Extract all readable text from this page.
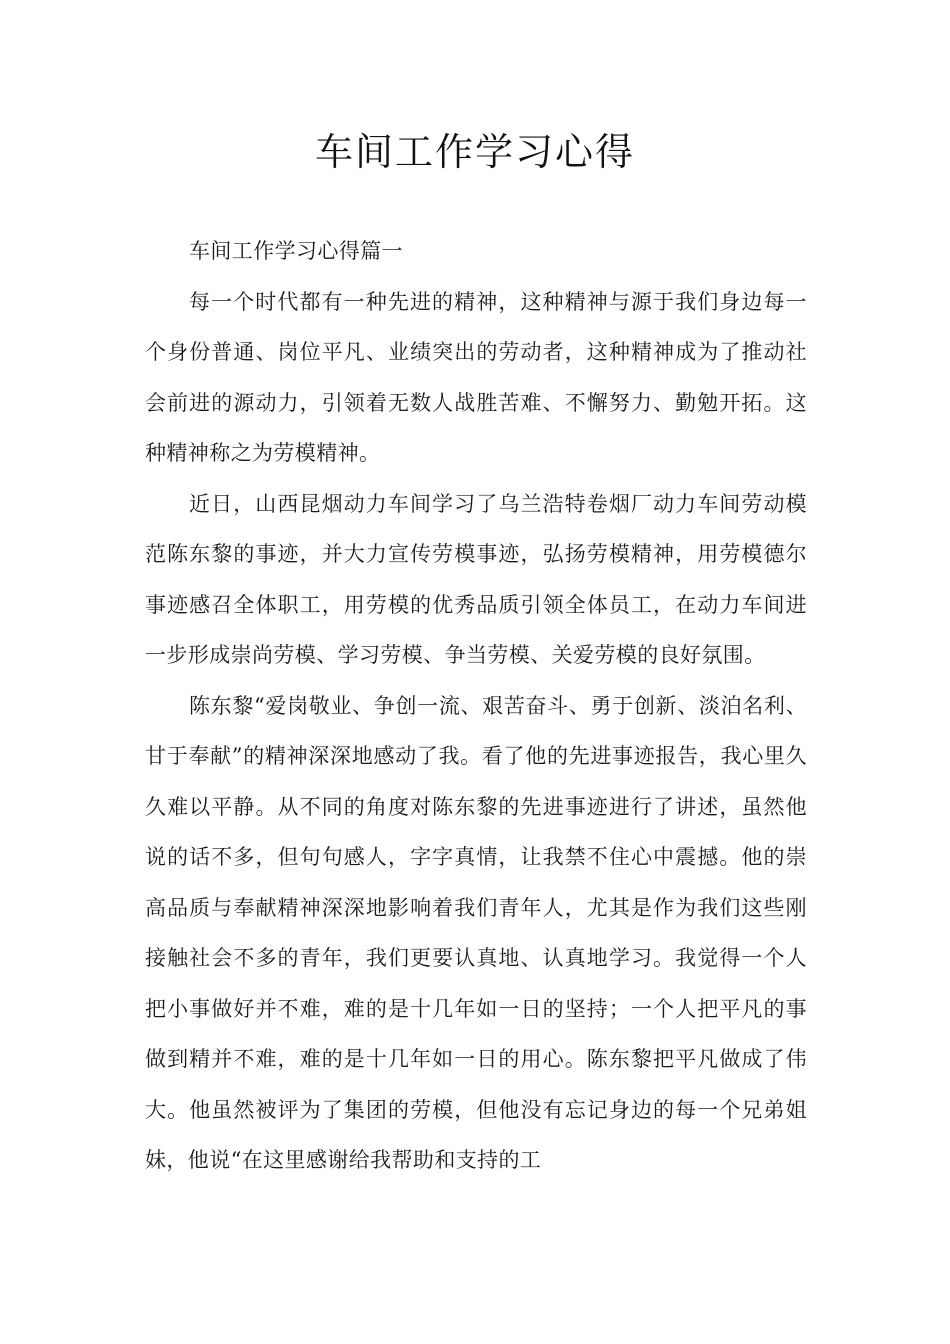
车间工作学习心得

车间工作学习心得篇一

每一个时代都有一种先进的精神，这种精神与源于我们身边每一个身份普通、岗位平凡、业绩突出的劳动者，这种精神成为了推动社会前进的源动力，引领着无数人战胜苦难、不懈努力、勤勉开拓。这种精神称之为劳模精神。

近日，山西昆烟动力车间学习了乌兰浩特卷烟厂动力车间劳动模范陈东黎的事迹，并大力宣传劳模事迹，弘扬劳模精神，用劳模德尔事迹感召全体职工，用劳模的优秀品质引领全体员工，在动力车间进一步形成崇尚劳模、学习劳模、争当劳模、关爱劳模的良好氛围。

陈东黎“爱岗敬业、争创一流、艰苦奋斗、勇于创新、淡泊名利、甘于奉献”的精神深深地感动了我。看了他的先进事迹报告，我心里久久难以平静。从不同的角度对陈东黎的先进事迹进行了讲述，虽然他说的话不多，但句句感人，字字真情，让我禁不住心中震撼。他的崇高品质与奉献精神深深地影响着我们青年人，尤其是作为我们这些刚接触社会不多的青年，我们更要认真地、认真地学习。我觉得一个人把小事做好并不难，难的是十几年如一日的坚持；一个人把平凡的事做到精并不难，难的是十几年如一日的用心。陈东黎把平凡做成了伟大。他虽然被评为了集团的劳模，但他没有忘记身边的每一个兄弟姐妹，他说“在这里感谢给我帮助和支持的工
